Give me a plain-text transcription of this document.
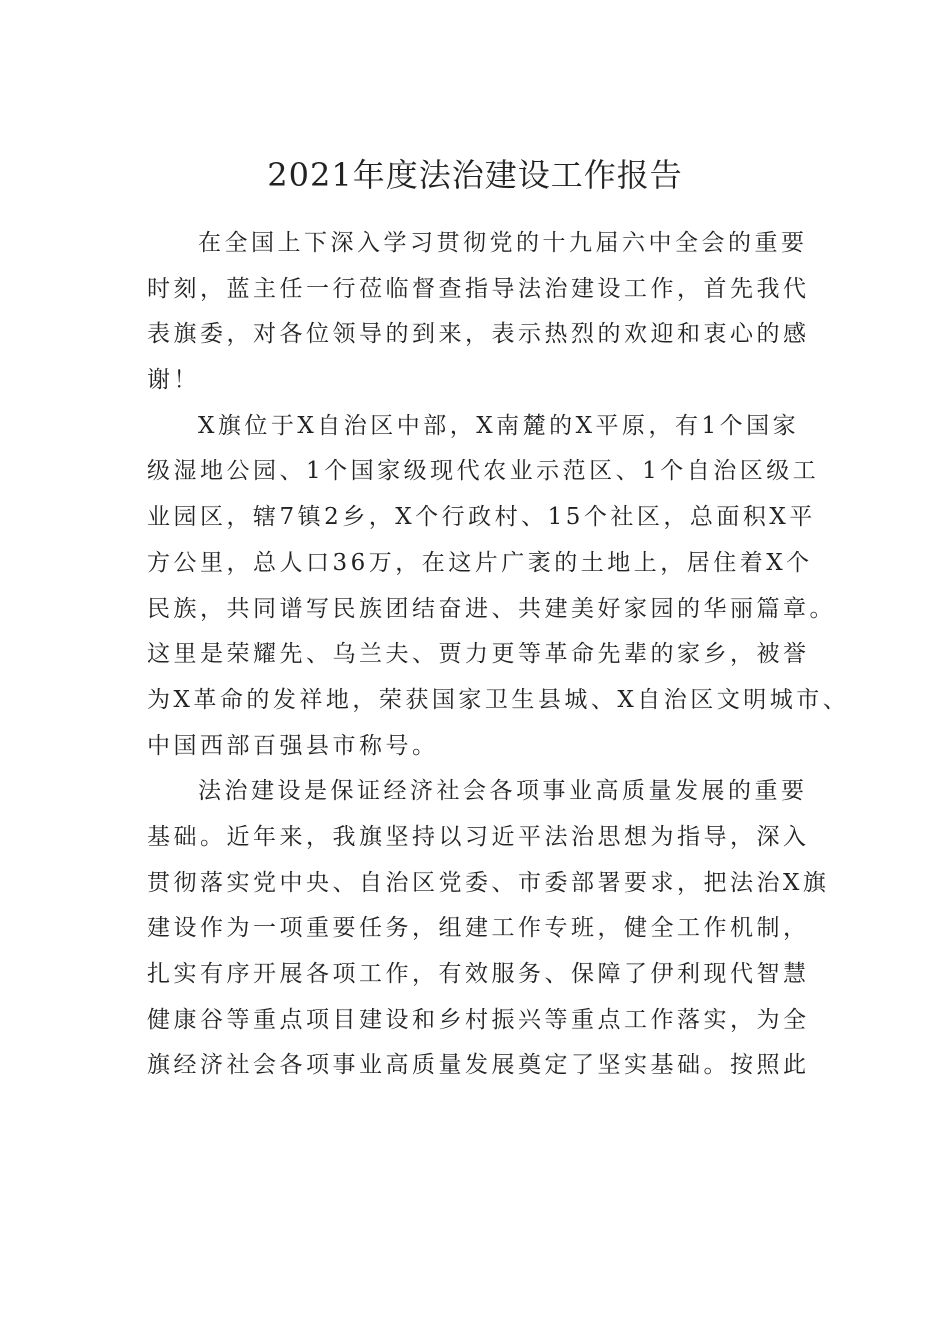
2021年度法治建设工作报告
在全国上下深入学习贯彻党的十九届六中全会的重要
时刻，蓝主任一行莅临督查指导法治建设工作，首先我代
表旗委，对各位领导的到来，表示热烈的欢迎和衷心的感
谢！
X旗位于X自治区中部，X南麓的X平原，有1个国家
级湿地公园、1个国家级现代农业示范区、1个自治区级工
业园区，辖7镇2乡，X个行政村、15个社区，总面积X平
方公里，总人口36万，在这片广袤的土地上，居住着X个
民族，共同谱写民族团结奋进、共建美好家园的华丽篇章。
这里是荣耀先、乌兰夫、贾力更等革命先辈的家乡，被誉
为X革命的发祥地，荣获国家卫生县城、X自治区文明城市、
中国西部百强县市称号。
法治建设是保证经济社会各项事业高质量发展的重要
基础。近年来，我旗坚持以习近平法治思想为指导，深入
贯彻落实党中央、自治区党委、市委部署要求，把法治X旗
建设作为一项重要任务，组建工作专班，健全工作机制，
扎实有序开展各项工作，有效服务、保障了伊利现代智慧
健康谷等重点项目建设和乡村振兴等重点工作落实，为全
旗经济社会各项事业高质量发展奠定了坚实基础。按照此
